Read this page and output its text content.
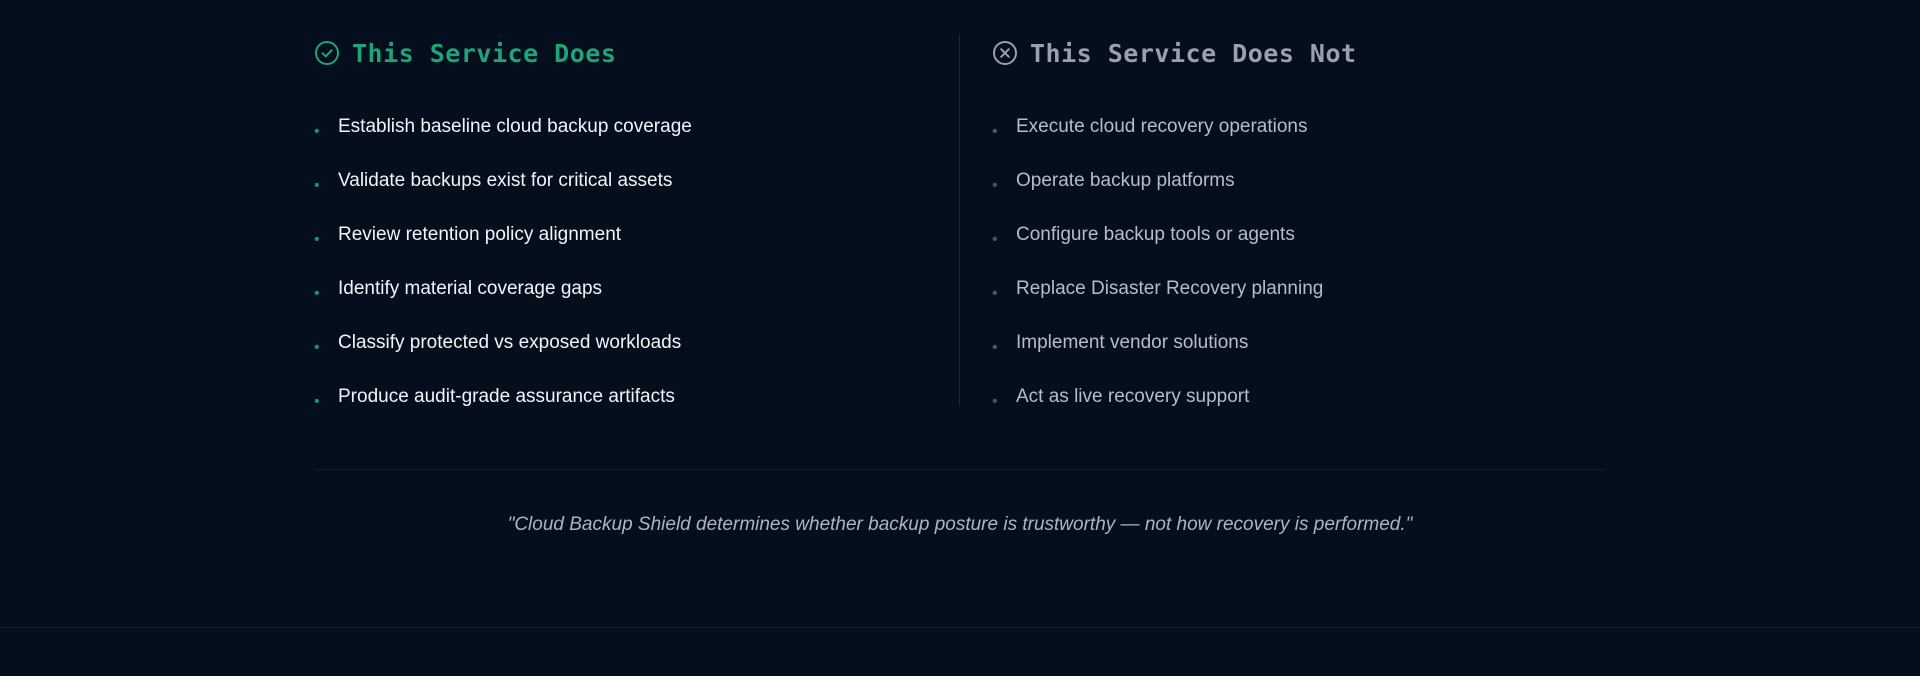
This Service Does
• Establish baseline cloud backup coverage
• Validate backups exist for critical assets
• Review retention policy alignment
• Identify material coverage gaps
• Classify protected vs exposed workloads
• Produce audit-grade assurance artifacts
This Service Does Not
• Execute cloud recovery operations
• Operate backup platforms
• Configure backup tools or agents
• Replace Disaster Recovery planning
• Implement vendor solutions
• Act as live recovery support
"Cloud Backup Shield determines whether backup posture is trustworthy — not how recovery is performed."
